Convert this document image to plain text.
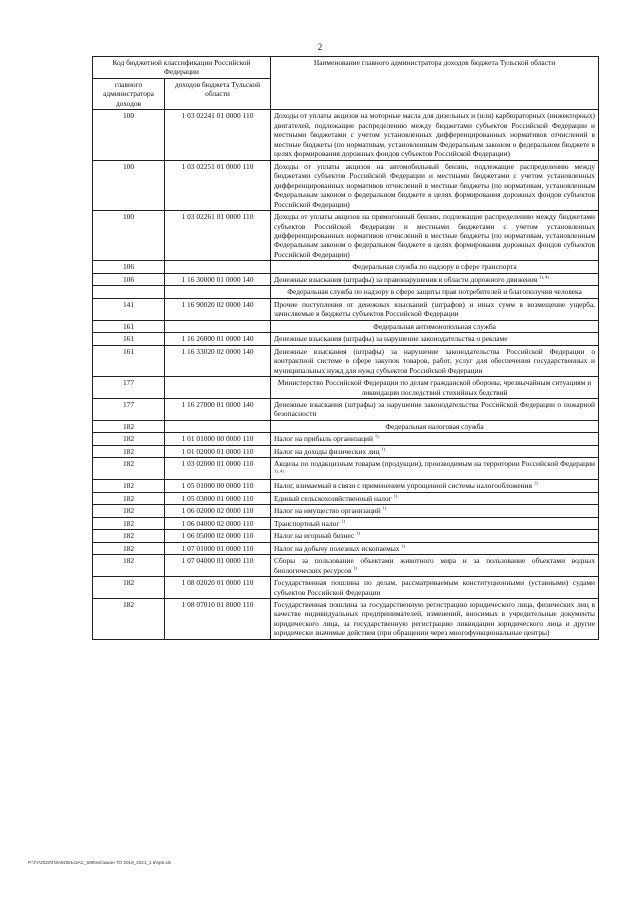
2
Код бюджетной классификации Российской Федерации		Наименование главного администратора доходов бюджета Тульской области
главного администратора доходов	доходов бюджета Тульской области	
100	1 03 02241 01 0000 110	Доходы от уплаты акцизов на моторные масла для дизельных и (или) карбюраторных (инжекторных) двигателей, подлежащие распределению между бюджетами субъектов Российской Федерации и местными бюджетами с учетом установленных дифференцированных нормативов отчислений в местные бюджеты (по нормативам, установленным Федеральным законом о федеральном бюджете в целях формирования дорожных фондов субъектов Российской Федерации)
100	1 03 02251 01 0000 110	Доходы от уплаты акцизов на автомобильный бензин, подлежащие распределению между бюджетами субъектов Российской Федерации и местными бюджетами с учетом установленных дифференцированных нормативов отчислений в местные бюджеты (по нормативам, установленным Федеральным законом о федеральном бюджете в целях формирования дорожных фондов субъектов Российской Федерации)
100	1 03 02261 01 0000 110	Доходы от уплаты акцизов на прямогонный бензин, подлежащие распределению между бюджетами субъектов Российской Федерации и местными бюджетами с учетом установленных дифференцированных нормативов отчислений в местные бюджеты (по нормативам, установленным Федеральным законом о федеральном бюджете в целях формирования дорожных фондов субъектов Российской Федерации)
106		Федеральная служба по надзору в сфере транспорта
106	1 16 30000 01 0000 140	Денежные взыскания (штрафы) за правонарушения в области дорожного движения $^{1), 4)}$
		Федеральная служба по надзору в сфере защиты прав потребителей и благополучия человека
141	1 16 90020 02 0000 140	Прочие поступления от денежных взысканий (штрафов) и иных сумм в возмещение ущерба, зачисляемые в бюджеты субъектов Российской Федерации
161		Федеральная антимонопольная служба
161	1 16 26000 01 0000 140	Денежные взыскания (штрафы) за нарушение законодательства о рекламе
161	1 16 33020 02 0000 140	Денежные взыскания (штрафы) за нарушение законодательства Российской Федерации о контрактной системе в сфере закупок товаров, работ, услуг для обеспечения государственных и муниципальных нужд для нужд субъектов Российской Федерации
177		Министерство Российской Федерации по делам гражданской обороны, чрезвычайным ситуациям и ликвидации последствий стихийных бедствий
177	1 16 27000 01 0000 140	Денежные взыскания (штрафы) за нарушение законодательства Российской Федерации о пожарной безопасности
182		Федеральная налоговая служба
182	1 01 01000 00 0000 110	Налог на прибыль организаций $^{1)}$
182	1 01 02000 01 0000 110	Налог на доходы физических лиц $^{1)}$
182	1 03 02000 01 0000 110	Акцизы по подакцизным товарам (продукции), производимым на территории Российской Федерации $^{1), 4)}$
182	1 05 01000 00 0000 110	Налог, взимаемый в связи с применением упрощенной системы налогообложения $^{1)}$
182	1 05 03000 01 0000 110	Единый сельскохозяйственный налог $^{1)}$
182	1 06 02000 02 0000 110	Налог на имущество организаций $^{1)}$
182	1 06 04000 02 0000 110	Транспортный налог $^{1)}$
182	1 06 05000 02 0000 110	Налог на игорный бизнес $^{1)}$
182	1 07 01000 01 0000 110	Налог на добычу полезных ископаемых $^{1)}$
182	1 07 04000 01 0000 110	Сборы за пользование объектами животного мира и за пользование объектами водных биологических ресурсов $^{1)}$
182	1 08 02020 01 0000 110	Государственная пошлина по делам, рассматриваемым конституционными (уставными) судами субъектов Российской Федерации
182	1 08 07010 01 8000 110	Государственная пошлина за государственную регистрацию юридического лица, физических лиц в качестве индивидуальных предпринимателей, изменений, вносимых в учредительные документы юридического лица, за государственную регистрацию ликвидации юридического лица и другие юридически значимые действия (при обращении через многофункциональные центры)
P:\ГУ\2020\ПЗАКОБЪ\ЗАС_609\ext\закон ТО 2019_2021_1 в\пр5.xls
